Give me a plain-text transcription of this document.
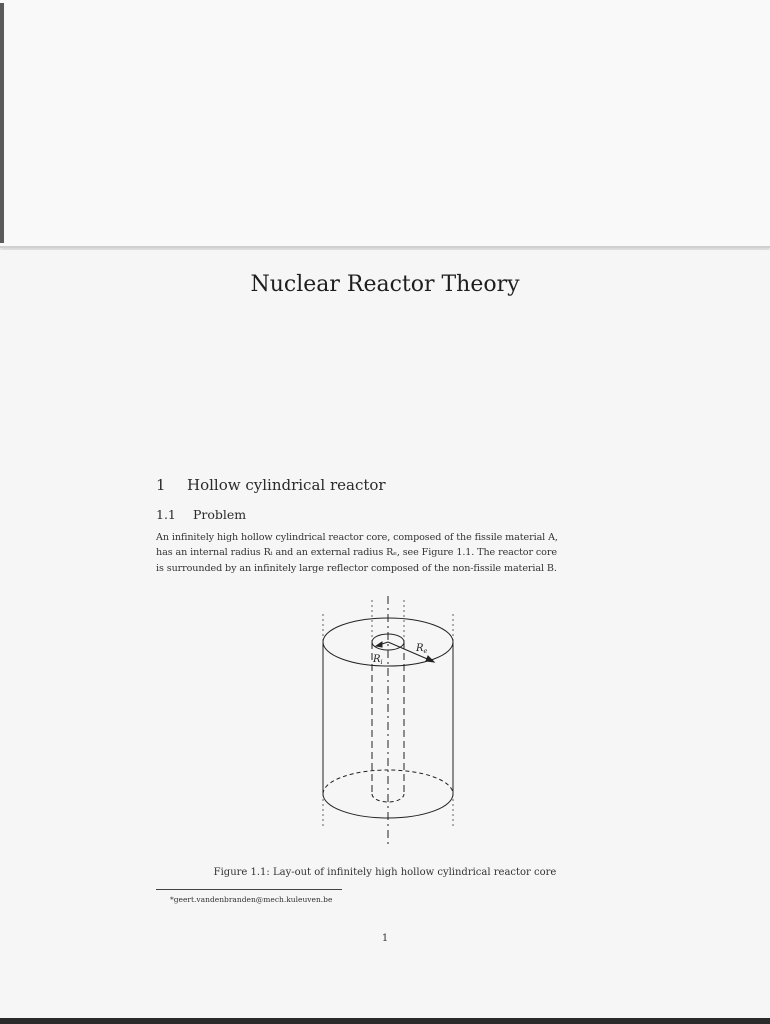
Nuclear Reactor Theory
1 Hollow cylindrical reactor
1.1 Problem
An infinitely high hollow cylindrical reactor core, composed of the fissile material A,
has an internal radius Rᵢ and an external radius Rₑ, see Figure 1.1. The reactor core
is surrounded by an infinitely large reflector composed of the non-fissile material B.
$R_i$
$R_e$
Figure 1.1: Lay-out of infinitely high hollow cylindrical reactor core
*geert.vandenbranden@mech.kuleuven.be
1
